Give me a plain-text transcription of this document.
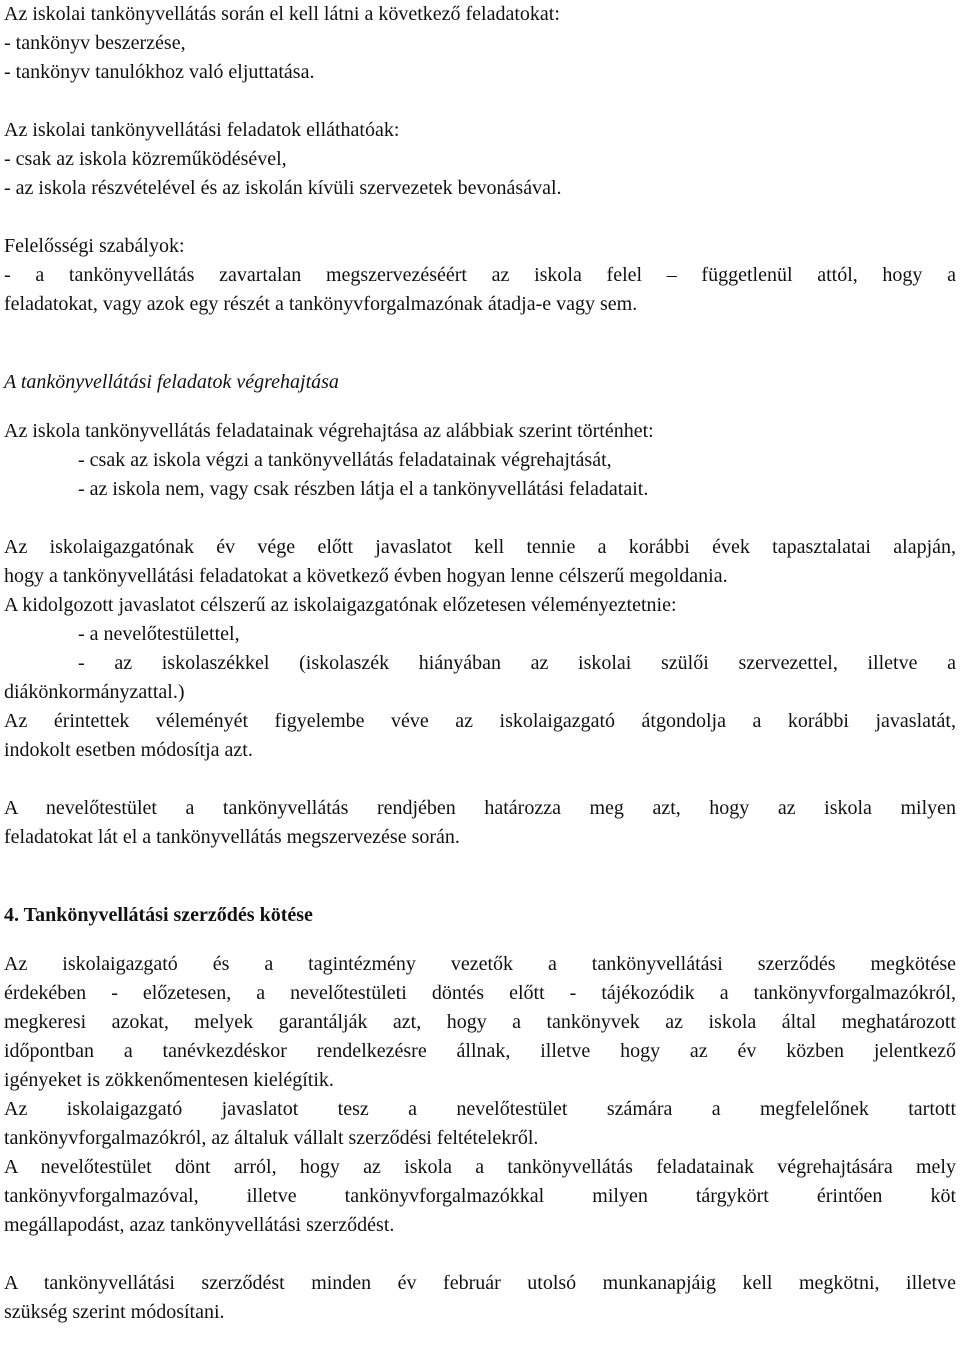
Az iskolai tankönyvellátás során el kell látni a következő feladatokat:
- tankönyv beszerzése,
- tankönyv tanulókhoz való eljuttatása.
Az iskolai tankönyvellátási feladatok elláthatóak:
- csak az iskola közreműködésével,
- az iskola részvételével és az iskolán kívüli szervezetek bevonásával.
Felelősségi szabályok:
- a tankönyvellátás zavartalan megszervezéséért az iskola felel – függetlenül attól, hogy a
feladatokat, vagy azok egy részét a tankönyvforgalmazónak átadja-e vagy sem.
A tankönyvellátási feladatok végrehajtása
Az iskola tankönyvellátás feladatainak végrehajtása az alábbiak szerint történhet:
- csak az iskola végzi a tankönyvellátás feladatainak végrehajtását,
- az iskola nem, vagy csak részben látja el a tankönyvellátási feladatait.
Az iskolaigazgatónak év vége előtt javaslatot kell tennie a korábbi évek tapasztalatai alapján,
hogy a tankönyvellátási feladatokat a következő évben hogyan lenne célszerű megoldania.
A kidolgozott javaslatot célszerű az iskolaigazgatónak előzetesen véleményeztetnie:
- a nevelőtestülettel,
- az iskolaszékkel (iskolaszék hiányában az iskolai szülői szervezettel, illetve a
diákönkormányzattal.)
Az érintettek véleményét figyelembe véve az iskolaigazgató átgondolja a korábbi javaslatát,
indokolt esetben módosítja azt.
A nevelőtestület a tankönyvellátás rendjében határozza meg azt, hogy az iskola milyen
feladatokat lát el a tankönyvellátás megszervezése során.
4. Tankönyvellátási szerződés kötése
Az iskolaigazgató és a tagintézmény vezetők a tankönyvellátási szerződés megkötése
érdekében - előzetesen, a nevelőtestületi döntés előtt - tájékozódik a tankönyvforgalmazókról,
megkeresi azokat, melyek garantálják azt, hogy a tankönyvek az iskola által meghatározott
időpontban a tanévkezdéskor rendelkezésre állnak, illetve hogy az év közben jelentkező
igényeket is zökkenőmentesen kielégítik.
Az iskolaigazgató javaslatot tesz a nevelőtestület számára a megfelelőnek tartott
tankönyvforgalmazókról, az általuk vállalt szerződési feltételekről.
A nevelőtestület dönt arról, hogy az iskola a tankönyvellátás feladatainak végrehajtására mely
tankönyvforgalmazóval, illetve tankönyvforgalmazókkal milyen tárgykört érintően köt
megállapodást, azaz tankönyvellátási szerződést.
A tankönyvellátási szerződést minden év február utolsó munkanapjáig kell megkötni, illetve
szükség szerint módosítani.
